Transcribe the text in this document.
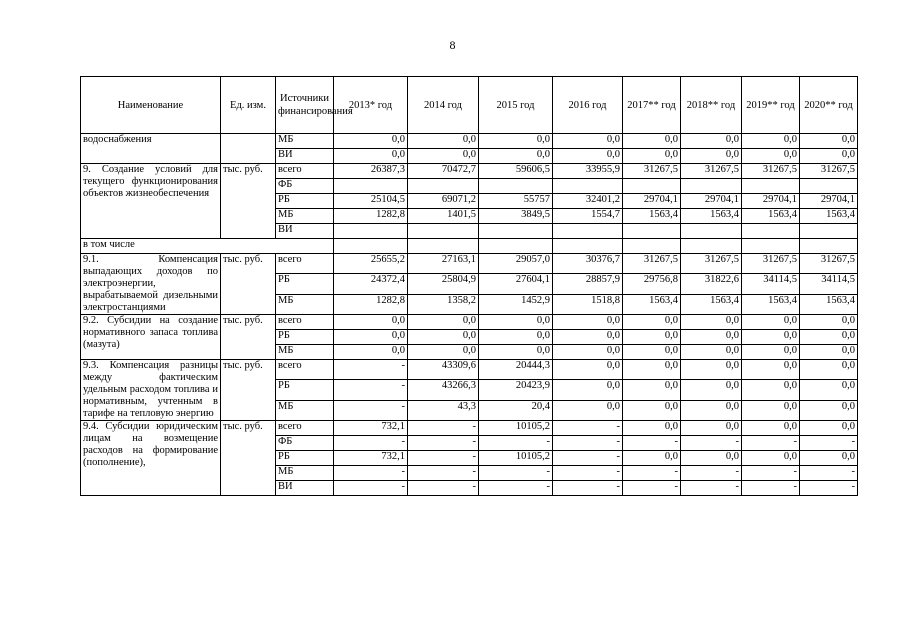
8
Наименование	Ед. изм.	Источники финансирования	2013* год	2014 год	2015 год	2016 год	2017** год	2018** год	2019** год	2020** год
водоснабжения		МБ	0,0	0,0	0,0	0,0	0,0	0,0	0,0	0,0
		ВИ	0,0	0,0	0,0	0,0	0,0	0,0	0,0	0,0
9. Создание условий для текущего функционирования объектов жизнеобеспечения	тыс. руб.	всего	26387,3	70472,7	59606,5	33955,9	31267,5	31267,5	31267,5	31267,5
		ФБ								
		РБ	25104,5	69071,2	55757	32401,2	29704,1	29704,1	29704,1	29704,1
		МБ	1282,8	1401,5	3849,5	1554,7	1563,4	1563,4	1563,4	1563,4
		ВИ								
в том числе										
9.1. Компенсация выпадающих доходов по электроэнергии, вырабатываемой дизельными электростанциями	тыс. руб.	всего	25655,2	27163,1	29057,0	30376,7	31267,5	31267,5	31267,5	31267,5
		РБ	24372,4	25804,9	27604,1	28857,9	29756,8	31822,6	34114,5	34114,5
		МБ	1282,8	1358,2	1452,9	1518,8	1563,4	1563,4	1563,4	1563,4
9.2. Субсидии на создание нормативного запаса топлива (мазута)	тыс. руб.	всего	0,0	0,0	0,0	0,0	0,0	0,0	0,0	0,0
		РБ	0,0	0,0	0,0	0,0	0,0	0,0	0,0	0,0
		МБ	0,0	0,0	0,0	0,0	0,0	0,0	0,0	0,0
9.3. Компенсация разницы между фактическим удельным расходом топлива и нормативным, учтенным в тарифе на тепловую энергию	тыс. руб.	всего	-	43309,6	20444,3	0,0	0,0	0,0	0,0	0,0
		РБ	-	43266,3	20423,9	0,0	0,0	0,0	0,0	0,0
		МБ	-	43,3	20,4	0,0	0,0	0,0	0,0	0,0
9.4. Субсидии юридическим лицам на возмещение расходов на формирование (пополнение),	тыс. руб.	всего	732,1	-	10105,2	-	0,0	0,0	0,0	0,0
		ФБ	-	-	-	-	-	-	-	-
		РБ	732,1	-	10105,2	-	0,0	0,0	0,0	0,0
		МБ	-	-	-	-	-	-	-	-
		ВИ	-	-	-	-	-	-	-	-
